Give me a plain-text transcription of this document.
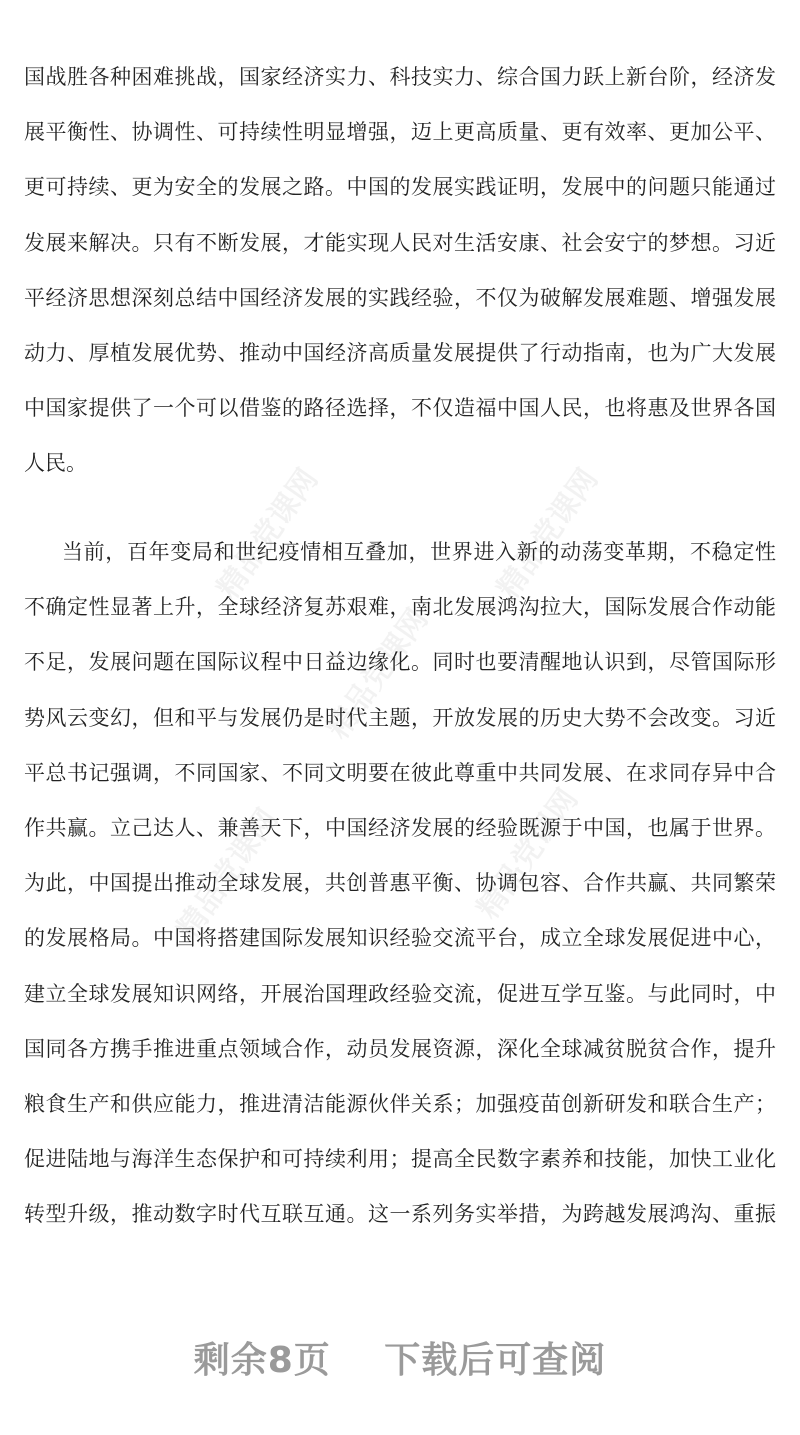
精品党课网	精品党课网
精品党课网
精品党课网	精品党课网
国战胜各种困难挑战，国家经济实力、科技实力、综合国力跃上新台阶，经济发
展平衡性、协调性、可持续性明显增强，迈上更高质量、更有效率、更加公平、
更可持续、更为安全的发展之路。中国的发展实践证明，发展中的问题只能通过
发展来解决。只有不断发展，才能实现人民对生活安康、社会安宁的梦想。习近
平经济思想深刻总结中国经济发展的实践经验，不仅为破解发展难题、增强发展
动力、厚植发展优势、推动中国经济高质量发展提供了行动指南，也为广大发展
中国家提供了一个可以借鉴的路径选择，不仅造福中国人民，也将惠及世界各国
人民。
当前，百年变局和世纪疫情相互叠加，世界进入新的动荡变革期，不稳定性
不确定性显著上升，全球经济复苏艰难，南北发展鸿沟拉大，国际发展合作动能
不足，发展问题在国际议程中日益边缘化。同时也要清醒地认识到，尽管国际形
势风云变幻，但和平与发展仍是时代主题，开放发展的历史大势不会改变。习近
平总书记强调，不同国家、不同文明要在彼此尊重中共同发展、在求同存异中合
作共赢。立己达人、兼善天下，中国经济发展的经验既源于中国，也属于世界。
为此，中国提出推动全球发展，共创普惠平衡、协调包容、合作共赢、共同繁荣
的发展格局。中国将搭建国际发展知识经验交流平台，成立全球发展促进中心，
建立全球发展知识网络，开展治国理政经验交流，促进互学互鉴。与此同时，中
国同各方携手推进重点领域合作，动员发展资源，深化全球减贫脱贫合作，提升
粮食生产和供应能力，推进清洁能源伙伴关系；加强疫苗创新研发和联合生产；
促进陆地与海洋生态保护和可持续利用；提高全民数字素养和技能，加快工业化
转型升级，推动数字时代互联互通。这一系列务实举措，为跨越发展鸿沟、重振
剩余8页 下载后可查阅
